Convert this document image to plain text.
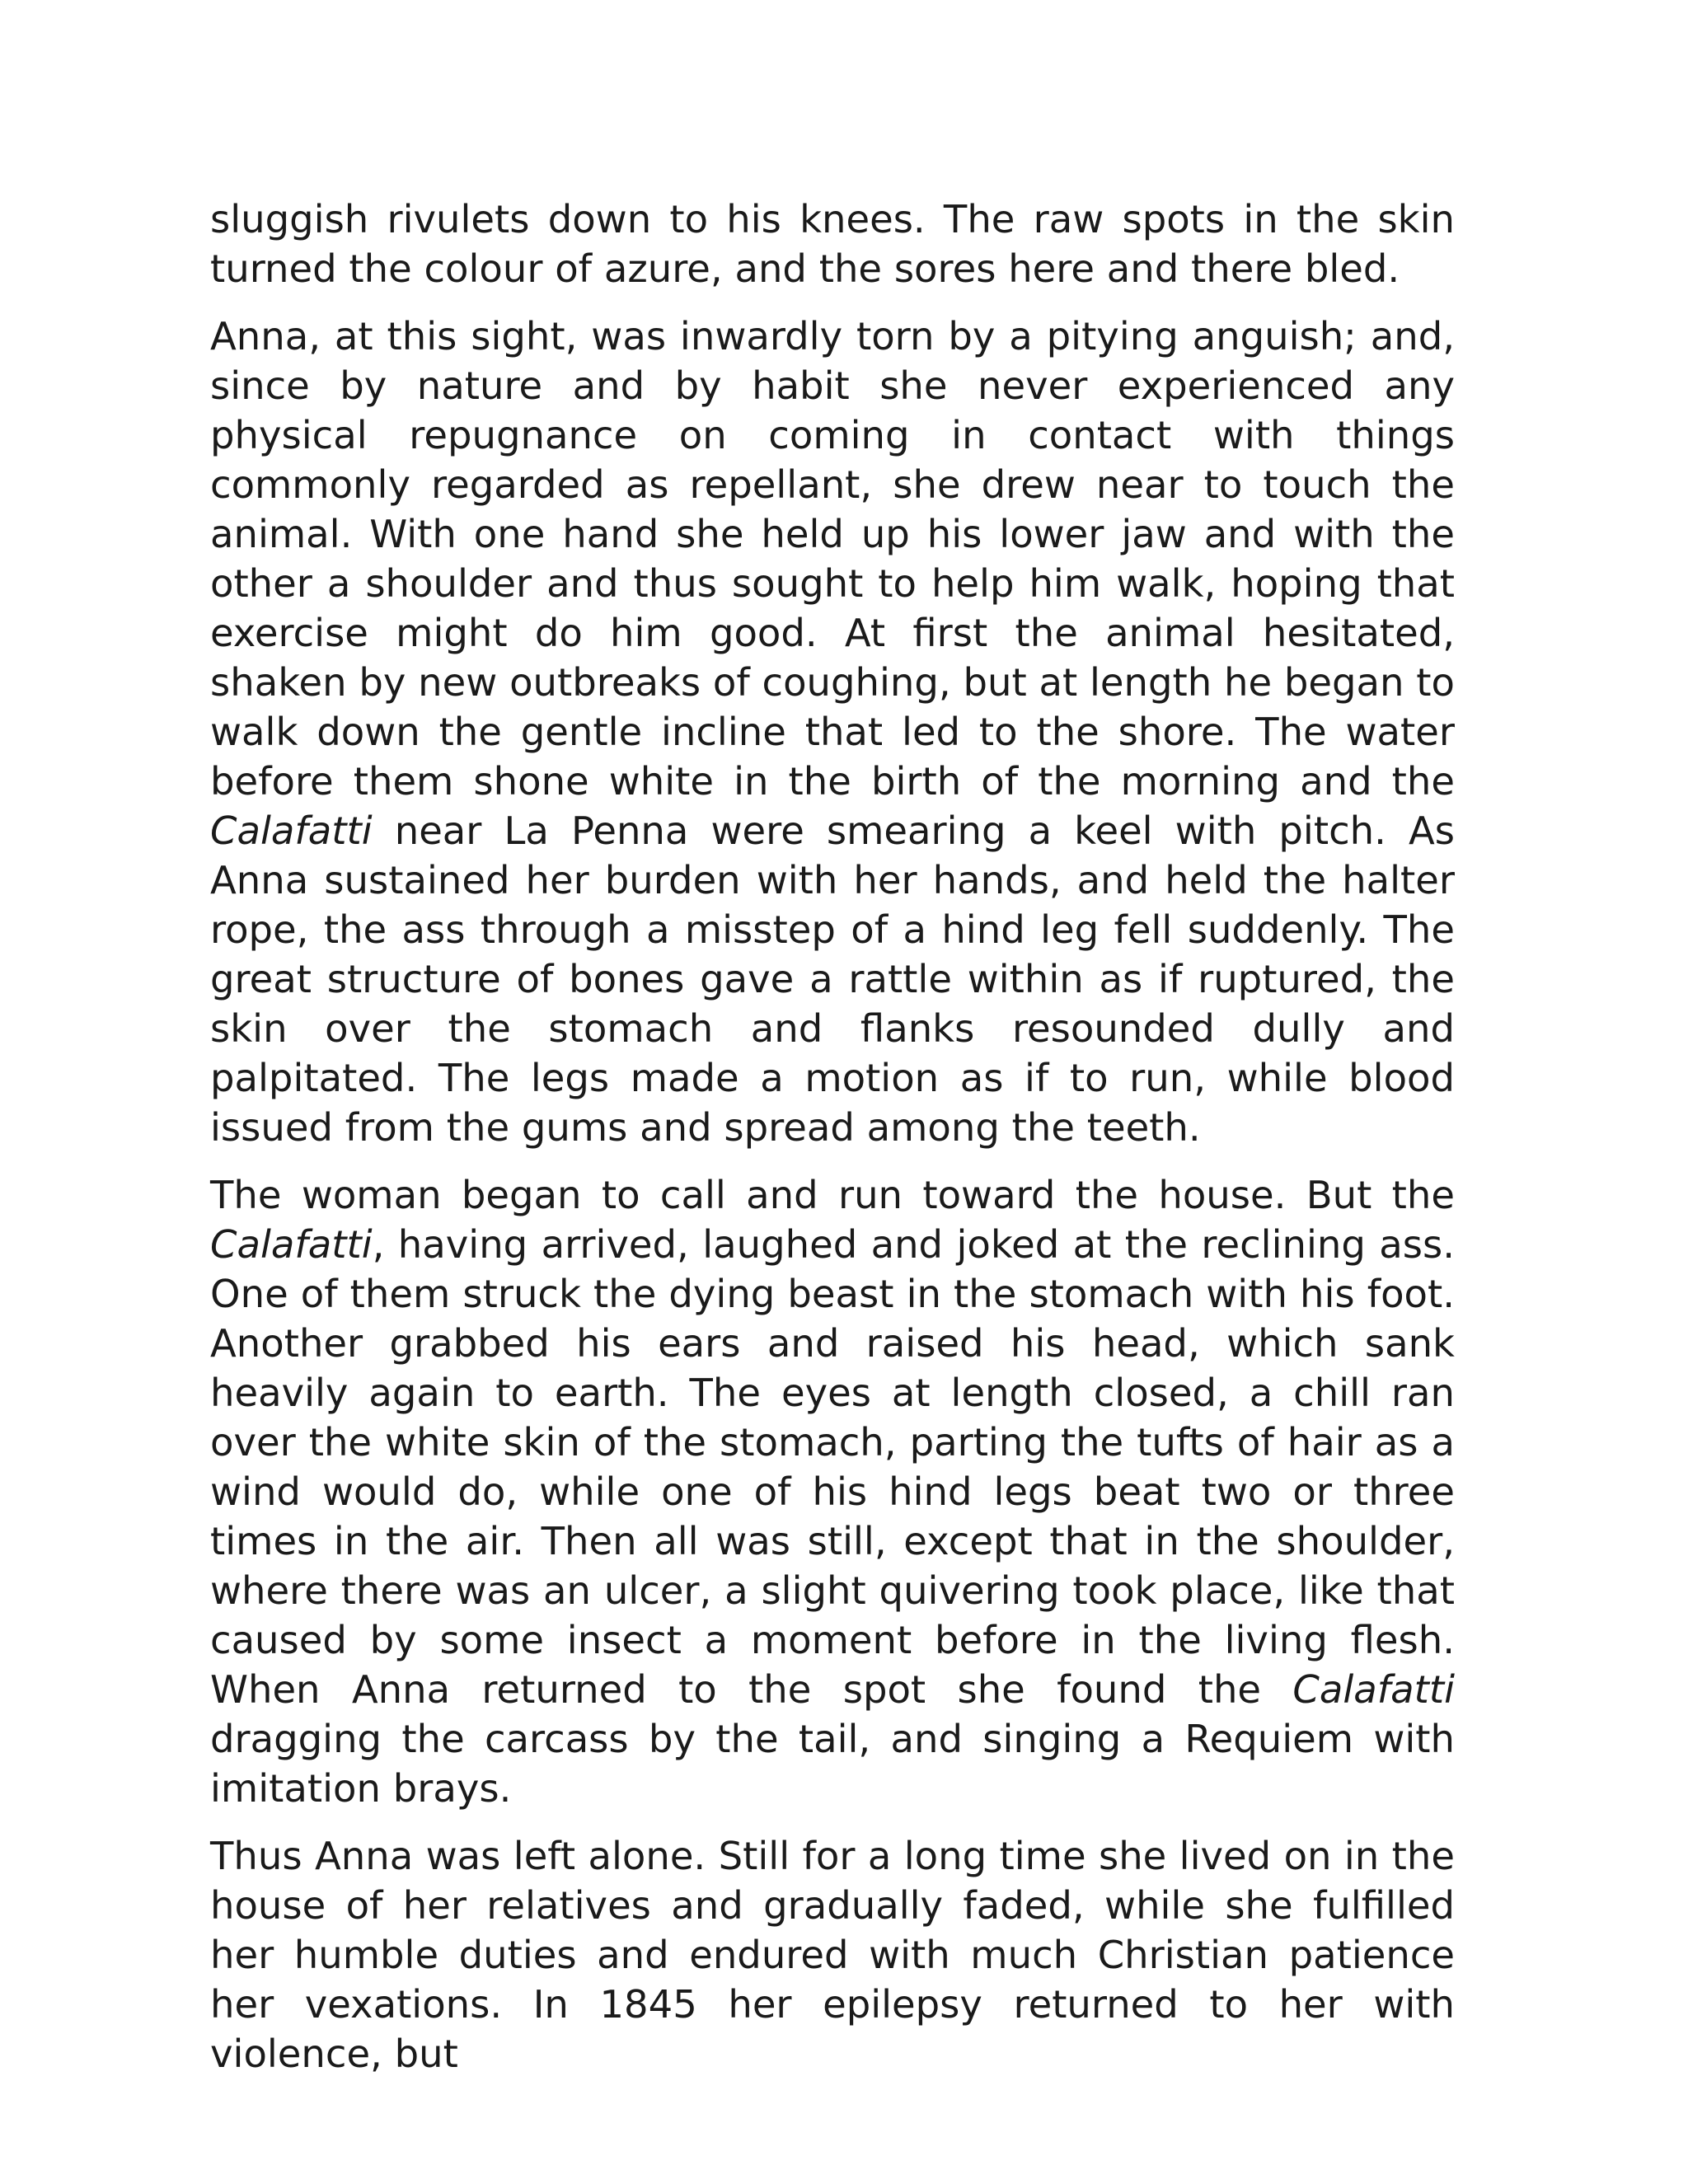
sluggish rivulets down to his knees. The raw spots in the skin turned the colour of azure, and the sores here and there bled.

Anna, at this sight, was inwardly torn by a pitying anguish; and, since by nature and by habit she never experienced any physical repugnance on coming in contact with things commonly regarded as repellant, she drew near to touch the animal. With one hand she held up his lower jaw and with the other a shoulder and thus sought to help him walk, hoping that exercise might do him good. At first the animal hesitated, shaken by new outbreaks of coughing, but at length he began to walk down the gentle incline that led to the shore. The water before them shone white in the birth of the morning and the Calafatti near La Penna were smearing a keel with pitch. As Anna sustained her burden with her hands, and held the halter rope, the ass through a misstep of a hind leg fell suddenly. The great structure of bones gave a rattle within as if ruptured, the skin over the stomach and flanks resounded dully and palpitated. The legs made a motion as if to run, while blood issued from the gums and spread among the teeth.

The woman began to call and run toward the house. But the Calafatti, having arrived, laughed and joked at the reclining ass. One of them struck the dying beast in the stomach with his foot. Another grabbed his ears and raised his head, which sank heavily again to earth. The eyes at length closed, a chill ran over the white skin of the stomach, parting the tufts of hair as a wind would do, while one of his hind legs beat two or three times in the air. Then all was still, except that in the shoulder, where there was an ulcer, a slight quivering took place, like that caused by some insect a moment before in the living flesh. When Anna returned to the spot she found the Calafatti dragging the carcass by the tail, and singing a Requiem with imitation brays.

Thus Anna was left alone. Still for a long time she lived on in the house of her relatives and gradually faded, while she fulfilled her humble duties and endured with much Christian patience her vexations. In 1845 her epilepsy returned to her with violence, but
